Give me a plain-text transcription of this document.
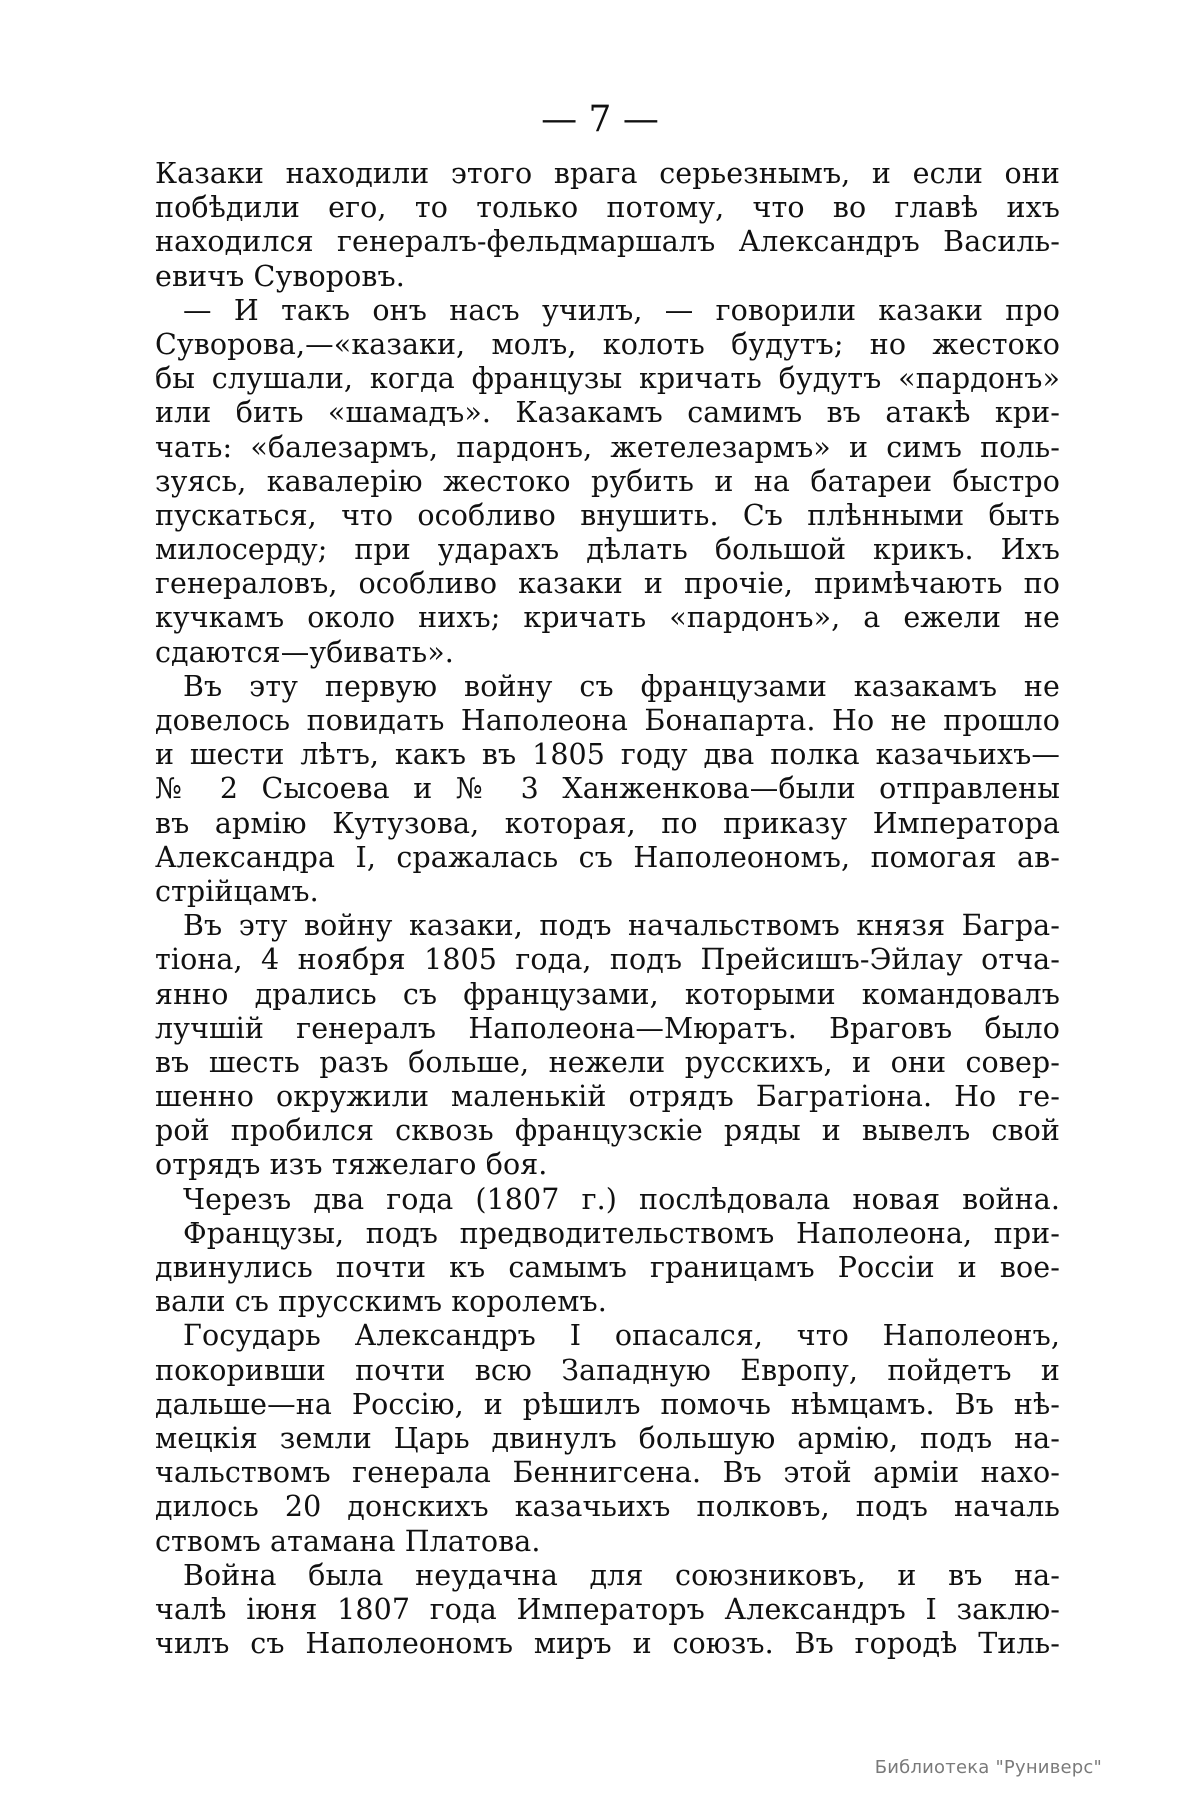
— 7 —
Казаки находили этого врага серьезнымъ, и если они
побѣдили его, то только потому, что во главѣ ихъ
находился генералъ-фельдмаршалъ Александръ Василь-
евичъ Суворовъ.
— И такъ онъ насъ училъ, — говорили казаки про
Суворова,—«казаки, молъ, колоть будутъ; но жестоко
бы слушали, когда французы кричать будутъ «пардонъ»
или бить «шамадъ». Казакамъ самимъ въ атакѣ кри-
чать: «балезармъ, пардонъ, жетелезармъ» и симъ поль-
зуясь, кавалерію жестоко рубить и на батареи быстро
пускаться, что особливо внушить. Съ плѣнными быть
милосерду; при ударахъ дѣлать большой крикъ. Ихъ
генераловъ, особливо казаки и прочіе, примѣчають по
кучкамъ около нихъ; кричать «пардонъ», а ежели не
сдаются—убивать».
Въ эту первую войну съ французами казакамъ не
довелось повидать Наполеона Бонапарта. Но не прошло
и шести лѣтъ, какъ въ 1805 году два полка казачьихъ—
№ 2 Сысоева и № 3 Ханженкова—были отправлены
въ армію Кутузова, которая, по приказу Императора
Александра I, сражалась съ Наполеономъ, помогая ав-
стрійцамъ.
Въ эту войну казаки, подъ начальствомъ князя Багра-
тіона, 4 ноября 1805 года, подъ Прейсишъ-Эйлау отча-
янно дрались съ французами, которыми командовалъ
лучшій генералъ Наполеона—Мюратъ. Враговъ было
въ шесть разъ больше, нежели русскихъ, и они совер-
шенно окружили маленькій отрядъ Багратіона. Но ге-
рой пробился сквозь французскіе ряды и вывелъ свой
отрядъ изъ тяжелаго боя.
Черезъ два года (1807 г.) послѣдовала новая война.
Французы, подъ предводительствомъ Наполеона, при-
двинулись почти къ самымъ границамъ Россіи и вое-
вали съ прусскимъ королемъ.
Государь Александръ I опасался, что Наполеонъ,
покоривши почти всю Западную Европу, пойдетъ и
дальше—на Россію, и рѣшилъ помочь нѣмцамъ. Въ нѣ-
мецкія земли Царь двинулъ большую армію, подъ на-
чальствомъ генерала Беннигсена. Въ этой арміи нахо-
дилось 20 донскихъ казачьихъ полковъ, подъ началь
ствомъ атамана Платова.
Война была неудачна для союзниковъ, и въ на-
чалѣ іюня 1807 года Императоръ Александръ I заклю-
чилъ съ Наполеономъ миръ и союзъ. Въ городѣ Тиль-
Библиотека "Руниверс"
